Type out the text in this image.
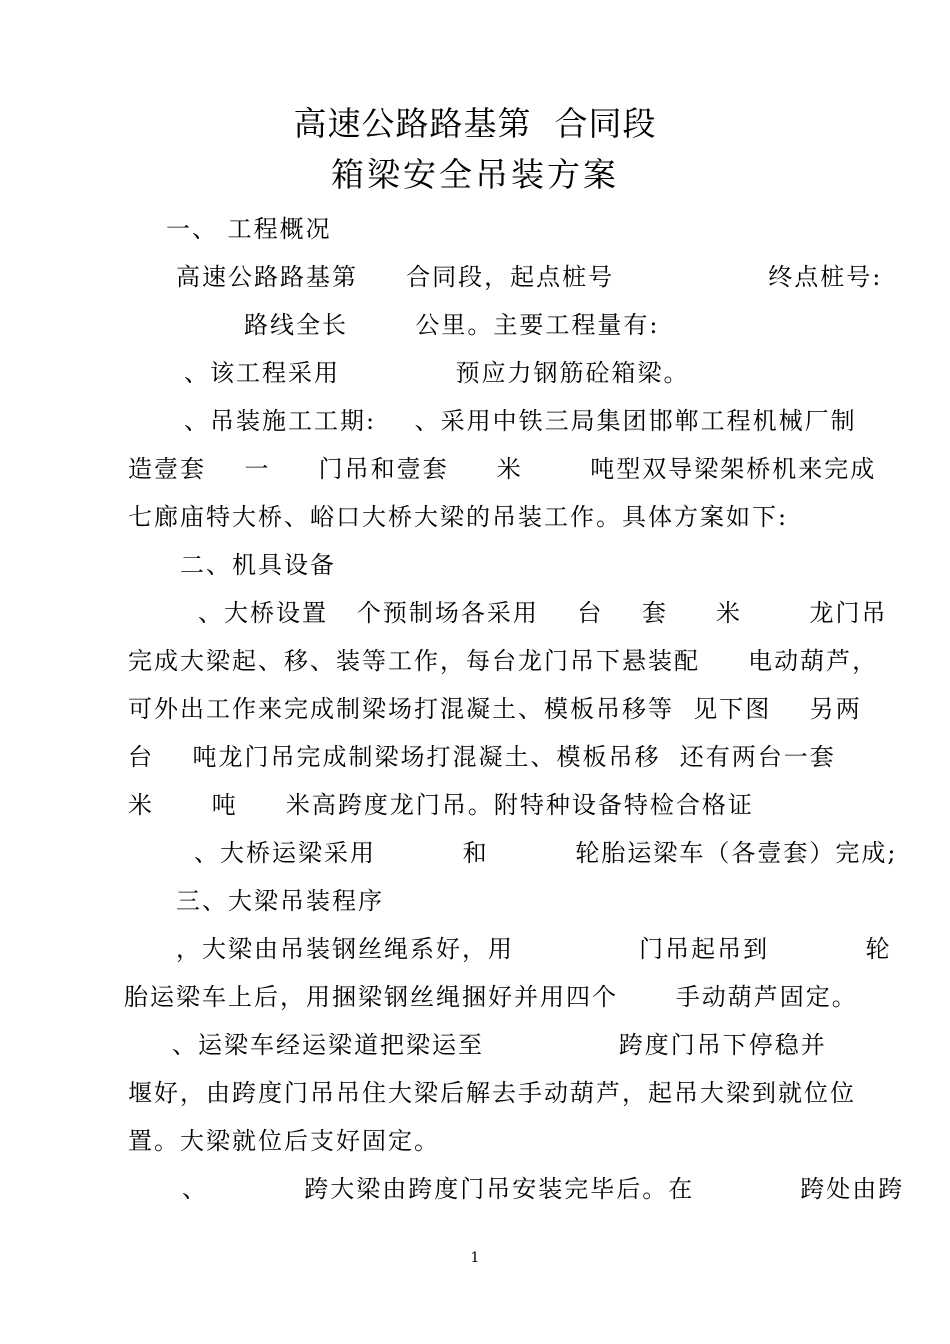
高速公路路基第  合同段
箱梁安全吊装方案
一、 工程概况
高速公路路基第     合同段，起点桩号                终点桩号:
路线全长       公里。主要工程量有:
、该工程采用            预应力钢筋砼箱梁。
、吊装施工工期:    、采用中铁三局集团邯郸工程机械厂制
造壹套    一     门吊和壹套     米       吨型双导梁架桥机来完成
七廊庙特大桥、峪口大桥大梁的吊装工作。具体方案如下:
二、机具设备
、大桥设置   个预制场各采用    台    套     米       龙门吊
完成大梁起、移、装等工作，每台龙门吊下悬装配     电动葫芦，
可外出工作来完成制梁场打混凝土、模板吊移等  见下图    另两
台    吨龙门吊完成制梁场打混凝土、模板吊移  还有两台一套
米      吨     米高跨度龙门吊。附特种设备特检合格证
、大桥运梁采用         和         轮胎运梁车（各壹套）完成;
三、大梁吊装程序
，大梁由吊装钢丝绳系好，用             门吊起吊到          轮
胎运梁车上后，用捆梁钢丝绳捆好并用四个      手动葫芦固定。
、运梁车经运梁道把梁运至              跨度门吊下停稳并
堰好，由跨度门吊吊住大梁后解去手动葫芦，起吊大梁到就位位
置。大梁就位后支好固定。
、          跨大梁由跨度门吊安装完毕后。在           跨处由跨
1
